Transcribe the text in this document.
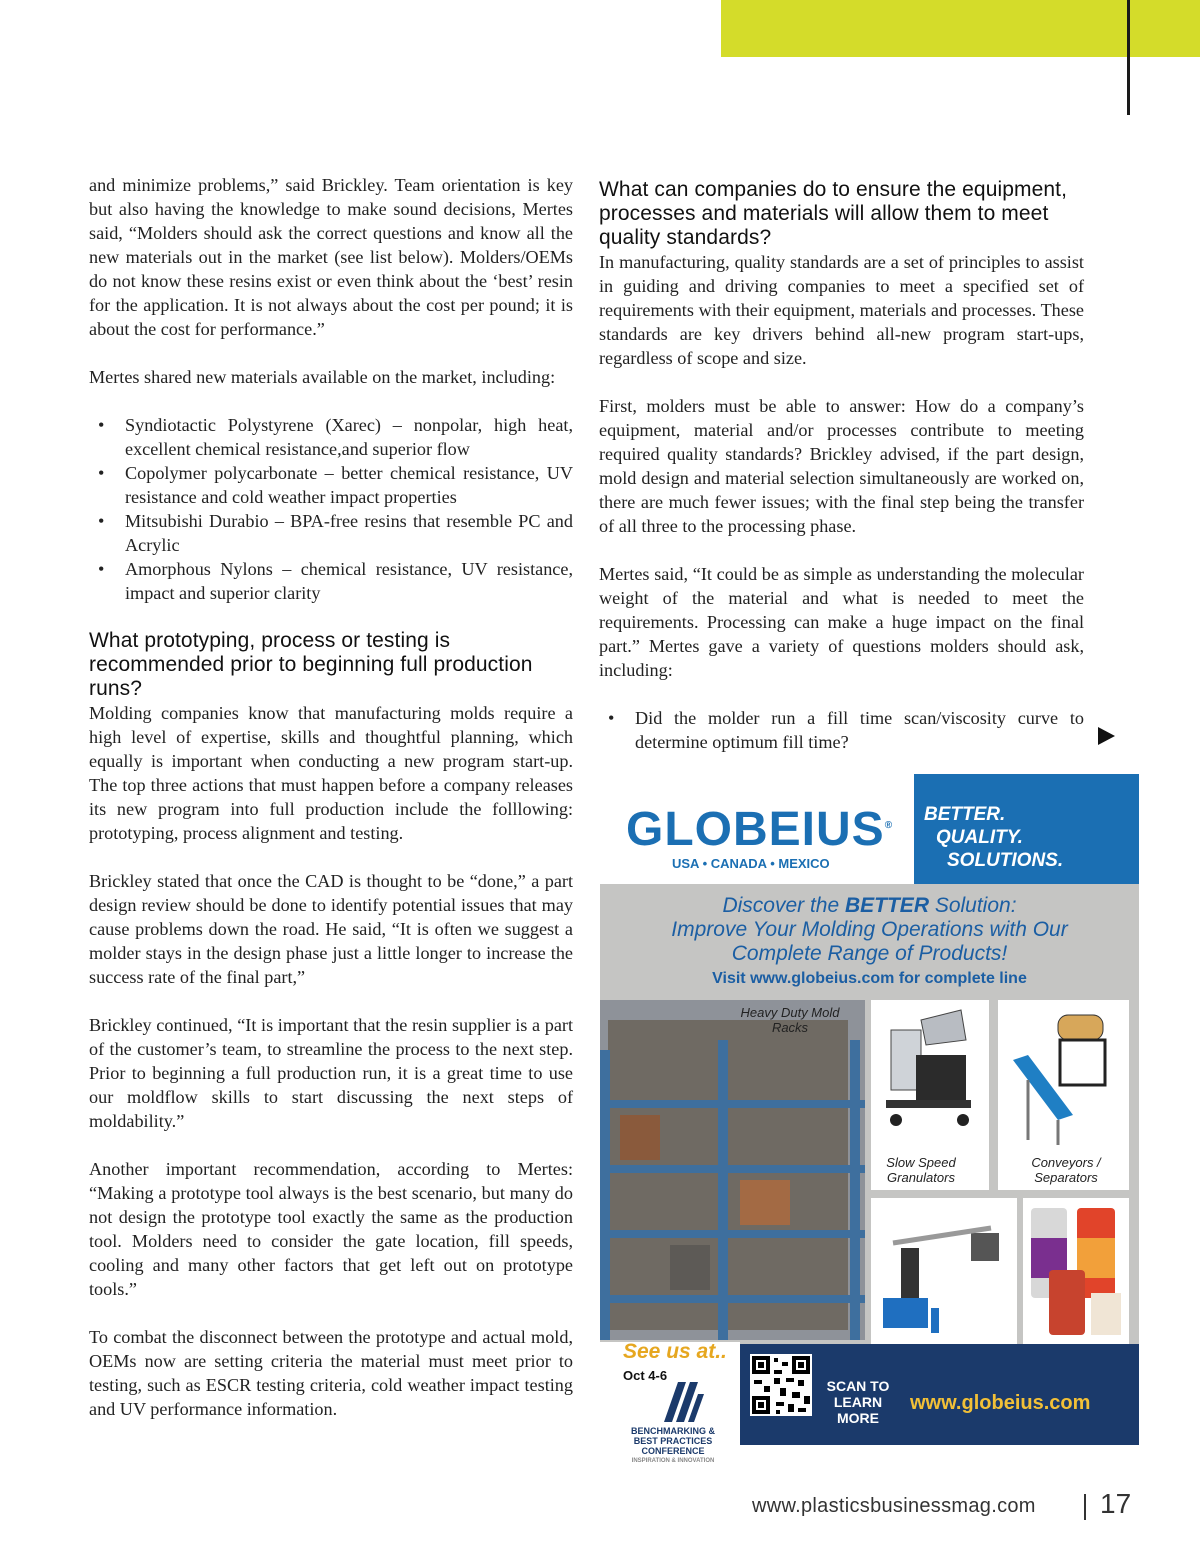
and minimize problems,” said Brickley. Team orientation is key but also having the knowledge to make sound decisions, Mertes said, “Molders should ask the correct questions and know all the new materials out in the market (see list below). Molders/OEMs do not know these resins exist or even think about the ‘best’ resin for the application. It is not always about the cost per pound; it is about the cost for performance.”

Mertes shared new materials available on the market, including:

• Syndiotactic Polystyrene (Xarec) – nonpolar, high heat, excellent chemical resistance,and superior flow
• Copolymer polycarbonate – better chemical resistance, UV resistance and cold weather impact properties
• Mitsubishi Durabio – BPA-free resins that resemble PC and Acrylic
• Amorphous Nylons – chemical resistance, UV resistance, impact and superior clarity
What prototyping, process or testing is recommended prior to beginning full production runs?

Molding companies know that manufacturing molds require a high level of expertise, skills and thoughtful planning, which equally is important when conducting a new program start-up. The top three actions that must happen before a company releases its new program into full production include the folllowing: prototyping, process alignment and testing.

Brickley stated that once the CAD is thought to be “done,” a part design review should be done to identify potential issues that may cause problems down the road. He said, “It is often we suggest a molder stays in the design phase just a little longer to increase the success rate of the final part,”

Brickley continued, “It is important that the resin supplier is a part of the customer’s team, to streamline the process to the next step. Prior to beginning a full production run, it is a great time to use our moldflow skills to start discussing the next steps of moldability.”

Another important recommendation, according to Mertes: “Making a prototype tool always is the best scenario, but many do not design the prototype tool exactly the same as the production tool. Molders need to consider the gate location, fill speeds, cooling and many other factors that get left out on prototype tools.”

To combat the disconnect between the prototype and actual mold, OEMs now are setting criteria the material must meet prior to testing, such as ESCR testing criteria, cold weather impact testing and UV performance information.

What can companies do to ensure the equipment, processes and materials will allow them to meet quality standards?

In manufacturing, quality standards are a set of principles to assist in guiding and driving companies to meet a specified set of requirements with their equipment, materials and processes. These standards are key drivers behind all-new program start-ups, regardless of scope and size.

First, molders must be able to answer: How do a company’s equipment, material and/or processes contribute to meeting required quality standards? Brickley advised, if the part design, mold design and material selection simultaneously are worked on, there are much fewer issues; with the final step being the transfer of all three to the processing phase.

Mertes said, “It could be as simple as understanding the molecular weight of the material and what is needed to meet the requirements. Processing can make a huge impact on the final part.” Mertes gave a variety of questions molders should ask, including:

• Did the molder run a fill time scan/viscosity curve to determine optimum fill time?
GLOBEIUS®
USA • CANADA • MEXICO
BETTER.
QUALITY.
SOLUTIONS.
Discover the BETTER Solution:
Improve Your Molding Operations with Our
Complete Range of Products!
Visit www.globeius.com for complete line
Heavy Duty Mold Racks
Slow Speed Granulators
Conveyors / Separators
See us at..
Oct 4-6
BENCHMARKING & BEST PRACTICES CONFERENCE
INSPIRATION & INNOVATION
SCAN TO LEARN MORE
www.globeius.com
www.plasticsbusinessmag.com 17
